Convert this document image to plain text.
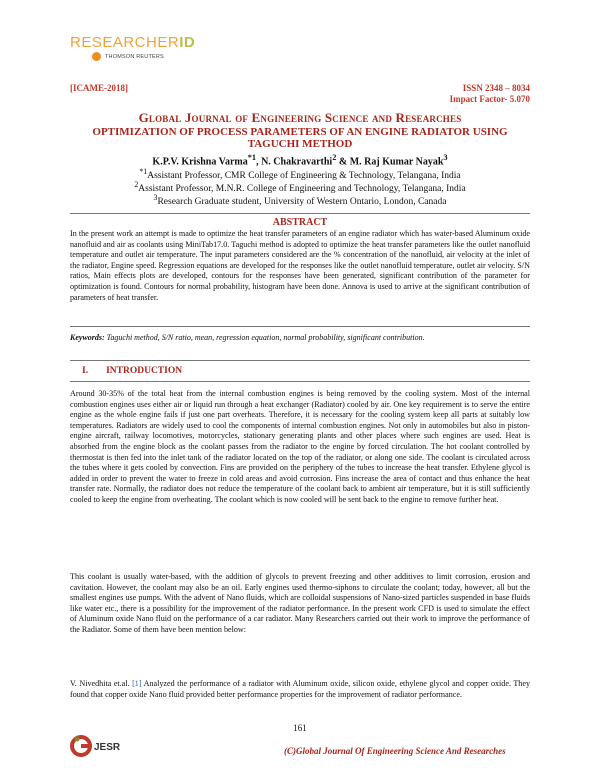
RESEARCHERID
THOMSON REUTERS
[ICAME-2018]	ISSN 2348 – 8034
Impact Factor- 5.070
Global Journal of Engineering Science and Researches
OPTIMIZATION OF PROCESS PARAMETERS OF AN ENGINE RADIATOR USING TAGUCHI METHOD
K.P.V. Krishna Varma$^{*1}$, N. Chakravarthi$^2$ & M. Raj Kumar Nayak$^3$
$^{*1}$Assistant Professor, CMR College of Engineering & Technology, Telangana, India
$^2$Assistant Professor, M.N.R. College of Engineering and Technology, Telangana, India
$^3$Research Graduate student, University of Western Ontario, London, Canada
ABSTRACT
In the present work an attempt is made to optimize the heat transfer parameters of an engine radiator which has water-based Aluminum oxide nanofluid and air as coolants using MiniTab17.0. Taguchi method is adopted to optimize the heat transfer parameters like the outlet nanofluid temperature and outlet air temperature. The input parameters considered are the % concentration of the nanofluid, air velocity at the inlet of the radiator, Engine speed. Regression equations are developed for the responses like the outlet nanofluid temperature, outlet air velocity. S/N ratios, Main effects plots are developed, contours for the responses have been generated, significant contribution of the parameter for optimization is found. Contours for normal probability, histogram have been done. Annova is used to arrive at the significant contribution of parameters of heat transfer.
Keywords: Taguchi method, S/N ratio, mean, regression equation, normal probability, significant contribution.
I. INTRODUCTION
Around 30-35% of the total heat from the internal combustion engines is being removed by the cooling system. Most of the internal combustion engines uses either air or liquid run through a heat exchanger (Radiator) cooled by air. One key requirement is to serve the entire engine as the whole engine fails if just one part overheats. Therefore, it is necessary for the cooling system keep all parts at suitably low temperatures. Radiators are widely used to cool the components of internal combustion engines. Not only in automobiles but also in piston-engine aircraft, railway locomotives, motorcycles, stationary generating plants and other places where such engines are used. Heat is absorbed from the engine block as the coolant passes from the radiator to the engine by forced circulation. The hot coolant controlled by thermostat is then fed into the inlet tank of the radiator located on the top of the radiator, or along one side. The coolant is circulated across the tubes where it gets cooled by convection. Fins are provided on the periphery of the tubes to increase the heat transfer. Ethylene glycol is added in order to prevent the water to freeze in cold areas and avoid corrosion. Fins increase the area of contact and thus enhance the heat transfer rate. Normally, the radiator does not reduce the temperature of the coolant back to ambient air temperature, but it is still sufficiently cooled to keep the engine from overheating. The coolant which is now cooled will be sent back to the engine to remove further heat.
This coolant is usually water-based, with the addition of glycols to prevent freezing and other additives to limit corrosion, erosion and cavitation. However, the coolant may also be an oil. Early engines used thermo-siphons to circulate the coolant; today, however, all but the smallest engines use pumps. With the advent of Nano fluids, which are colloidal suspensions of Nano-sized particles suspended in base fluids like water etc., there is a possibility for the improvement of the radiator performance. In the present work CFD is used to simulate the effect of Aluminum oxide Nano fluid on the performance of a car radiator. Many Researchers carried out their work to improve the performance of the Radiator. Some of them have been mention below:
V. Nivedhita et.al. [1] Analyzed the performance of a radiator with Aluminum oxide, silicon oxide, ethylene glycol and copper oxide. They found that copper oxide Nano fluid provided better performance properties for the improvement of radiator performance.
161
JESR	(C)Global Journal Of Engineering Science And Researches
